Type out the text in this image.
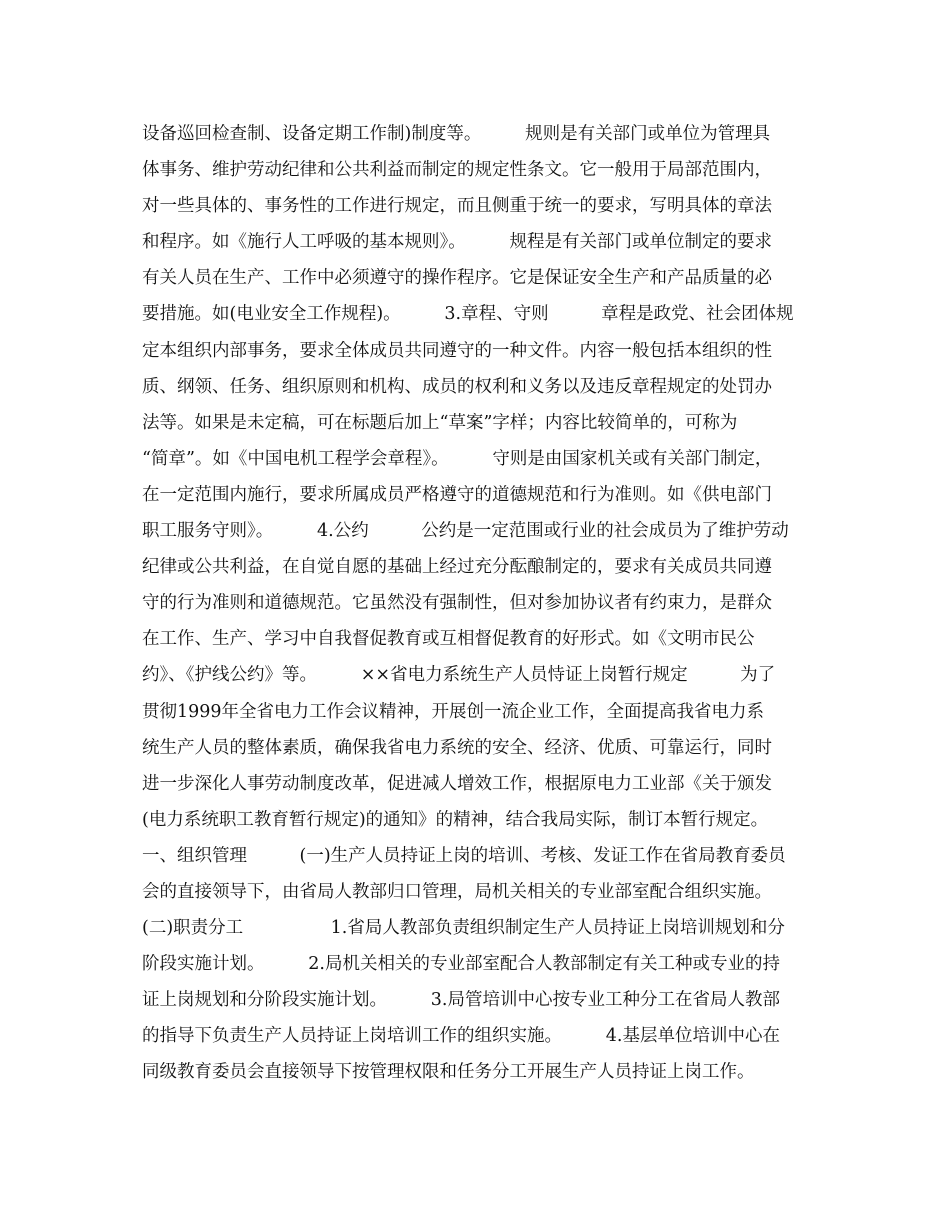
设备巡回检查制、设备定期工作制)制度等。　　　规则是有关部门或单位为管理具
体事务、维护劳动纪律和公共利益而制定的规定性条文。它一般用于局部范围内，
对一些具体的、事务性的工作进行规定，而且侧重于统一的要求，写明具体的章法
和程序。如《施行人工呼吸的基本规则》。　　　规程是有关部门或单位制定的要求
有关人员在生产、工作中必须遵守的操作程序。它是保证安全生产和产品质量的必
要措施。如(电业安全工作规程)。　　　3.章程、守则　　　章程是政党、社会团体规
定本组织内部事务，要求全体成员共同遵守的一种文件。内容一般包括本组织的性
质、纲领、任务、组织原则和机构、成员的权利和义务以及违反章程规定的处罚办
法等。如果是未定稿，可在标题后加上“草案”字样；内容比较简单的，可称为
“简章”。如《中国电机工程学会章程》。　　　守则是由国家机关或有关部门制定，
在一定范围内施行，要求所属成员严格遵守的道德规范和行为准则。如《供电部门
职工服务守则》。　　　4.公约　　　公约是一定范围或行业的社会成员为了维护劳动
纪律或公共利益，在自觉自愿的基础上经过充分酝酿制定的，要求有关成员共同遵
守的行为准则和道德规范。它虽然没有强制性，但对参加协议者有约束力，是群众
在工作、生产、学习中自我督促教育或互相督促教育的好形式。如《文明市民公
约》、《护线公约》等。　　　××省电力系统生产人员恃证上岗暂行规定　　　为了
贯彻1999年全省电力工作会议精神，开展创一流企业工作，全面提高我省电力系
统生产人员的整体素质，确保我省电力系统的安全、经济、优质、可靠运行，同时
进一步深化人事劳动制度改革，促进减人增效工作，根据原电力工业部《关于颁发
(电力系统职工教育暂行规定)的通知》的精神，结合我局实际，制订本暂行规定。
一、组织管理　　　(一)生产人员持证上岗的培训、考核、发证工作在省局教育委员
会的直接领导下，由省局人教部归口管理，局机关相关的专业部室配合组织实施。
(二)职责分工　　　　　1.省局人教部负责组织制定生产人员持证上岗培训规划和分
阶段实施计划。　　　2.局机关相关的专业部室配合人教部制定有关工种或专业的持
证上岗规划和分阶段实施计划。　　　3.局管培训中心按专业工种分工在省局人教部
的指导下负责生产人员持证上岗培训工作的组织实施。　　　4.基层单位培训中心在
同级教育委员会直接领导下按管理权限和任务分工开展生产人员持证上岗工作。
